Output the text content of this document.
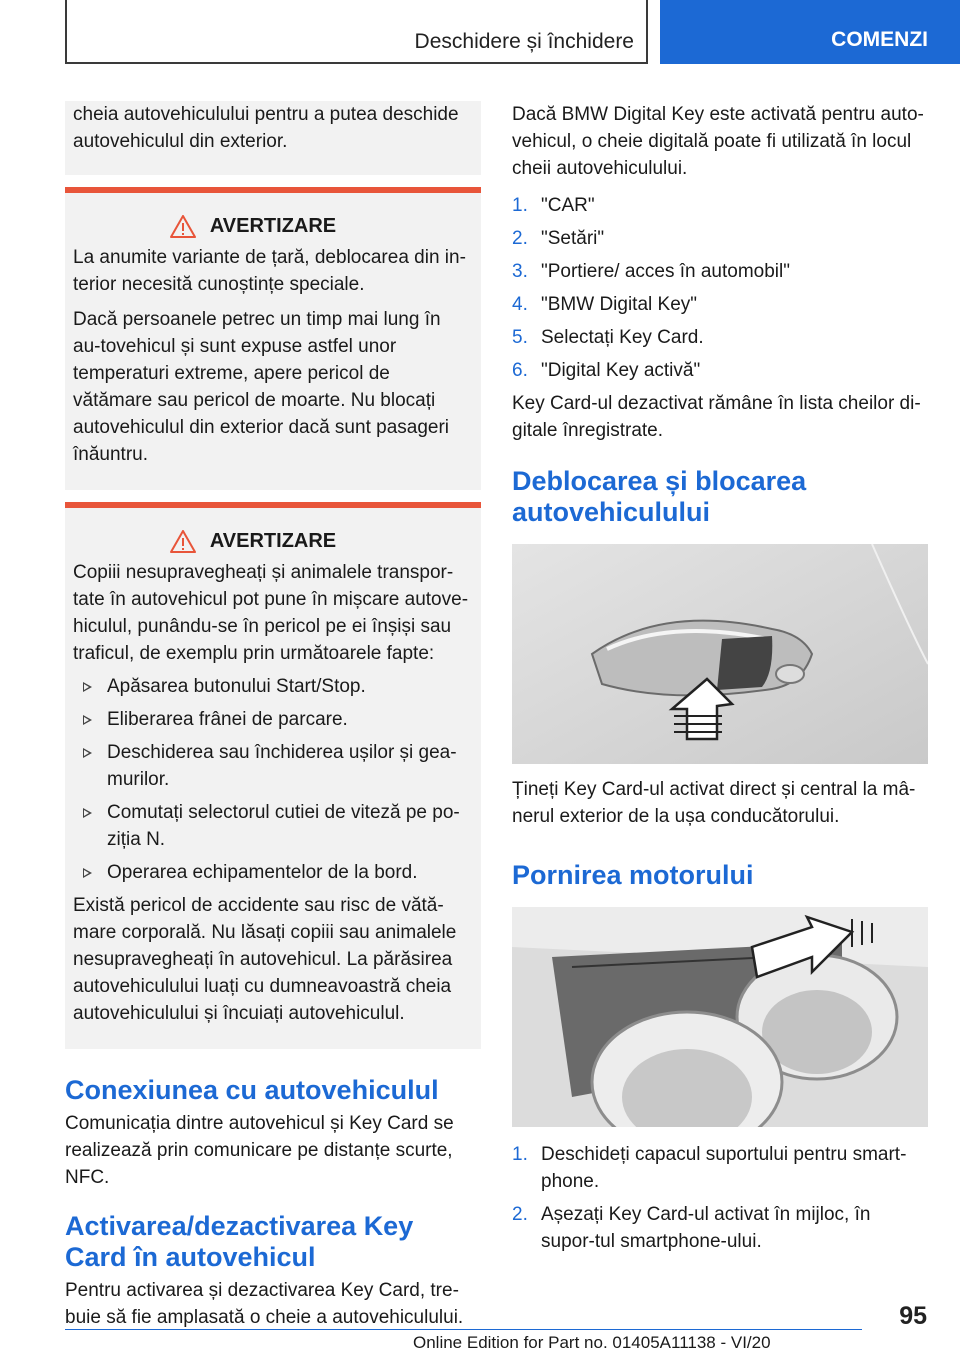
Deschidere și închidere	COMENZI

cheia autovehiculului pentru a putea deschide autovehiculul din exterior.

AVERTIZARE

La anumite variante de țară, deblocarea din in-terior necesită cunoștințe speciale.

Dacă persoanele petrec un timp mai lung în au-tovehicul și sunt expuse astfel unor temperaturi extreme, apere pericol de vătămare sau pericol de moarte. Nu blocați autovehiculul din exterior dacă sunt pasageri înăuntru.

AVERTIZARE

Copiii nesupravegheați și animalele transpor-tate în autovehicul pot pune în mișcare autove-hiculul, punându-se în pericol pe ei înșiși sau traficul, de exemplu prin următoarele fapte:

Apăsarea butonului Start/Stop.
Eliberarea frânei de parcare.
Deschiderea sau închiderea ușilor și gea-murilor.
Comutați selectorul cutiei de viteză pe po-ziția N.
Operarea echipamentelor de la bord.

Există pericol de accidente sau risc de vătă-mare corporală. Nu lăsați copiii sau animalele nesupravegheați în autovehicul. La părăsirea autovehiculului luați cu dumneavoastră cheia autovehiculului și încuiați autovehiculul.

Conexiunea cu autovehiculul

Comunicația dintre autovehicul și Key Card se realizează prin comunicare pe distanțe scurte, NFC.

Activarea/dezactivarea Key Card în autovehicul

Pentru activarea și dezactivarea Key Card, tre-buie să fie amplasată o cheie a autovehiculului.

Dacă BMW Digital Key este activată pentru auto-vehicul, o cheie digitală poate fi utilizată în locul cheii autovehiculului.

1. "CAR"
2. "Setări"
3. "Portiere/ acces în automobil"
4. "BMW Digital Key"
5. Selectați Key Card.
6. "Digital Key activă"

Key Card-ul dezactivat rămâne în lista cheilor di-gitale înregistrate.

Deblocarea și blocarea autovehiculului

Țineți Key Card-ul activat direct și central la mâ-nerul exterior de la ușa conducătorului.

Pornirea motorului
1. Deschideți capacul suportului pentru smart-phone.
2. Așezați Key Card-ul activat în mijloc, în supor-tul smartphone-ului.
95
Online Edition for Part no. 01405A11138 - VI/20
